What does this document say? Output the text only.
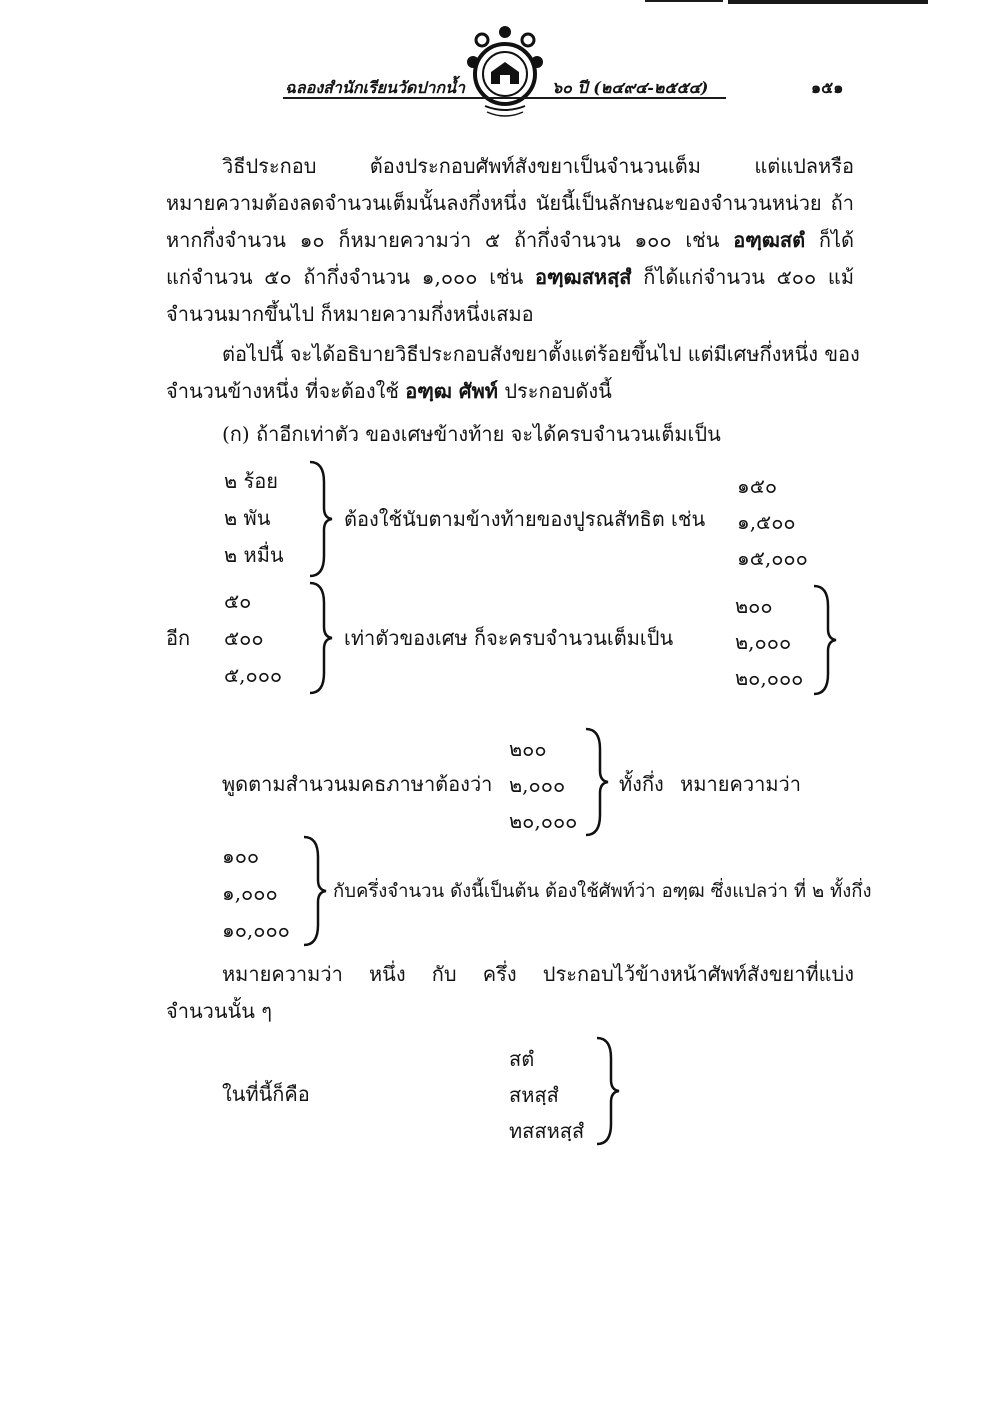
ฉลองสำนักเรียนวัดปากน้ำ	๖๐ ปี (๒๔๙๔-๒๕๕๔)	๑๕๑
วิธีประกอบ ต้องประกอบศัพท์สังขยาเป็นจำนวนเต็ม แต่แปลหรือ
หมายความต้องลดจำนวนเต็มนั้นลงกึ่งหนึ่ง นัยนี้เป็นลักษณะของจำนวนหน่วย ถ้า
หากกึ่งจำนวน ๑๐ ก็หมายความว่า ๕ ถ้ากึ่งจำนวน ๑๐๐ เช่น อฑฺฒสตํ ก็ได้
แก่จำนวน ๕๐ ถ้ากึ่งจำนวน ๑,๐๐๐ เช่น อฑฺฒสหสฺสํ ก็ได้แก่จำนวน ๕๐๐ แม้
จำนวนมากขึ้นไป ก็หมายความกึ่งหนึ่งเสมอ
ต่อไปนี้ จะได้อธิบายวิธีประกอบสังขยาตั้งแต่ร้อยขึ้นไป แต่มีเศษกึ่งหนึ่ง ของ
จำนวนข้างหนึ่ง ที่จะต้องใช้ อฑฺฒ ศัพท์ ประกอบดังนี้
(ก) ถ้าอีกเท่าตัว ของเศษข้างท้าย จะได้ครบจำนวนเต็มเป็น
๒ ร้อย
๒ พัน
๒ หมื่น
ต้องใช้นับตามข้างท้ายของปูรณสัทธิต เช่น
๑๕๐
๑,๕๐๐
๑๕,๐๐๐
อีก
๕๐
๕๐๐
๕,๐๐๐
เท่าตัวของเศษ ก็จะครบจำนวนเต็มเป็น
๒๐๐
๒,๐๐๐
๒๐,๐๐๐
พูดตามสำนวนมคธภาษาต้องว่า
๒๐๐
๒,๐๐๐
๒๐,๐๐๐
ทั้งกึ่ง หมายความว่า
๑๐๐
๑,๐๐๐
๑๐,๐๐๐
กับครึ่งจำนวน ดังนี้เป็นต้น ต้องใช้ศัพท์ว่า อฑฺฒ ซึ่งแปลว่า ที่ ๒ ทั้งกึ่ง
หมายความว่า หนึ่ง กับ ครึ่ง ประกอบไว้ข้างหน้าศัพท์สังขยาที่แบ่ง
จำนวนนั้น ๆ
ในที่นี้ก็คือ
สตํ
สหสฺสํ
ทสสหสฺสํ
